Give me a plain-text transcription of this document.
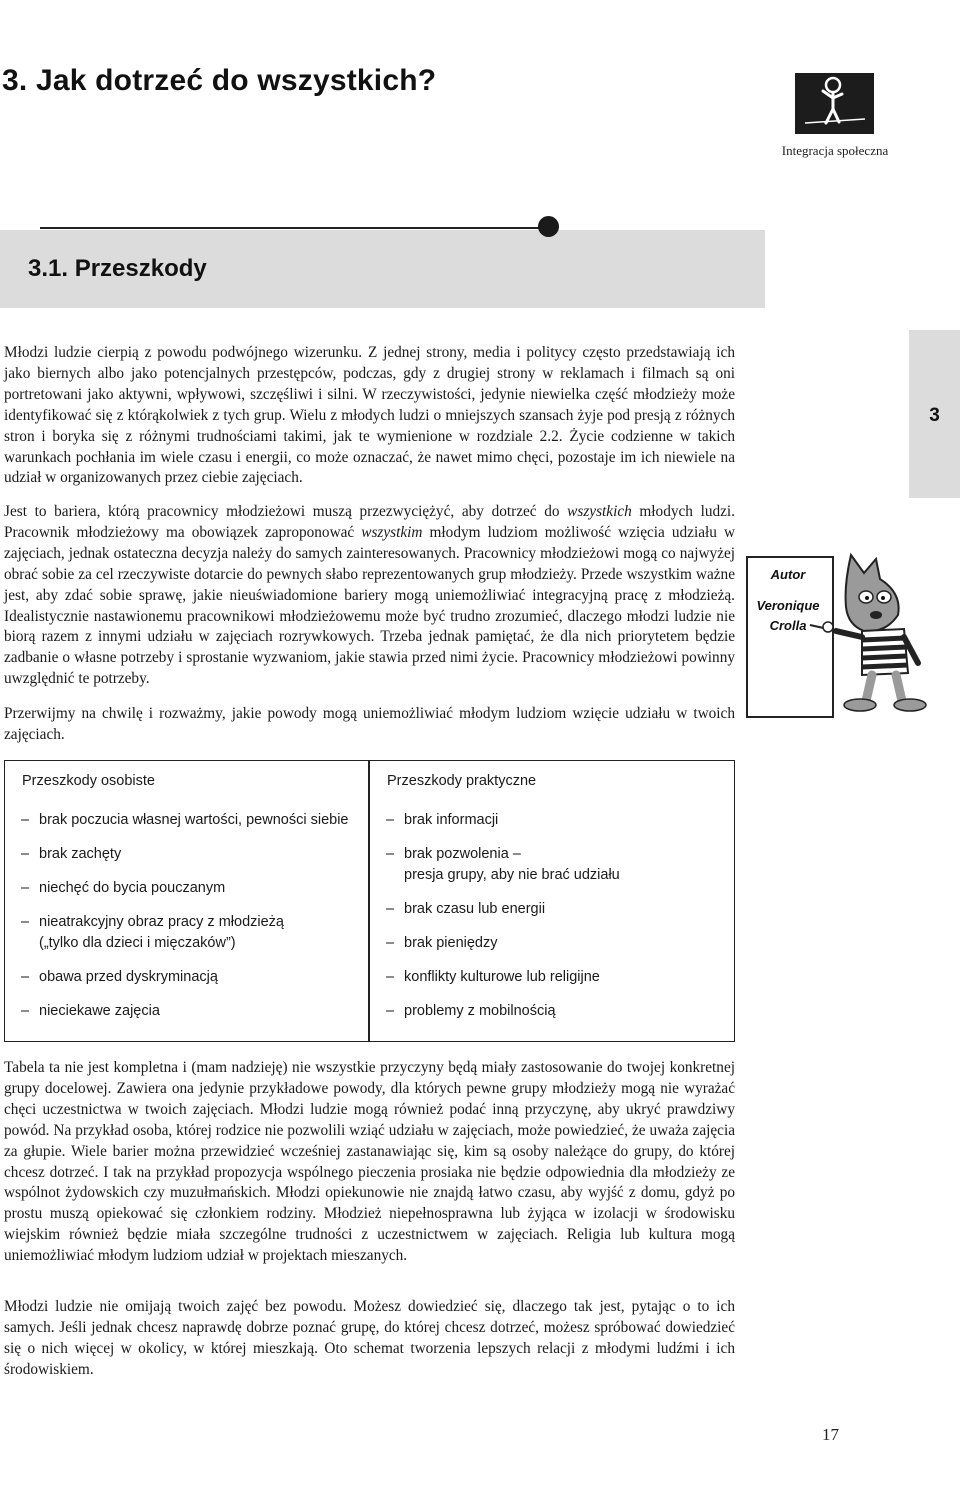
3. Jak dotrzeć do wszystkich?
Integracja społeczna
3.1. Przeszkody
3
Młodzi ludzie cierpią z powodu podwójnego wizerunku. Z jednej strony, media i politycy często przedstawiają ich jako biernych albo jako potencjalnych przestępców, podczas, gdy z drugiej strony w reklamach i filmach są oni portretowani jako aktywni, wpływowi, szczęśliwi i silni. W rzeczywistości, jedynie niewielka część młodzieży może identyfikować się z którąkolwiek z tych grup. Wielu z młodych ludzi o mniejszych szansach żyje pod presją z różnych stron i boryka się z różnymi trudnościami takimi, jak te wymienione w rozdziale 2.2. Życie codzienne w takich warunkach pochłania im wiele czasu i energii, co może oznaczać, że nawet mimo chęci, pozostaje im ich niewiele na udział w organizowanych przez ciebie zajęciach.
Jest to bariera, którą pracownicy młodzieżowi muszą przezwyciężyć, aby dotrzeć do wszystkich młodych ludzi. Pracownik młodzieżowy ma obowiązek zaproponować wszystkim młodym ludziom możliwość wzięcia udziału w zajęciach, jednak ostateczna decyzja należy do samych zainteresowanych. Pracownicy młodzieżowi mogą co najwyżej obrać sobie za cel rzeczywiste dotarcie do pewnych słabo reprezentowanych grup młodzieży. Przede wszystkim ważne jest, aby zdać sobie sprawę, jakie nieuświadomione bariery mogą uniemożliwiać integracyjną pracę z młodzieżą. Idealistycznie nastawionemu pracownikowi młodzieżowemu może być trudno zrozumieć, dlaczego młodzi ludzie nie biorą razem z innymi udziału w zajęciach rozrywkowych. Trzeba jednak pamiętać, że dla nich priorytetem będzie zadbanie o własne potrzeby i sprostanie wyzwaniom, jakie stawia przed nimi życie. Pracownicy młodzieżowi powinny uwzględnić te potrzeby.
Przerwijmy na chwilę i rozważmy, jakie powody mogą uniemożliwiać młodym ludziom wzięcie udziału w twoich zajęciach.
Autor
Veronique Crolla
Przeszkody osobiste
– brak poczucia własnej wartości, pewności siebie
– brak zachęty
– niechęć do bycia pouczanym
– nieatrakcyjny obraz pracy z młodzieżą
(„tylko dla dzieci i mięczaków”)
– obawa przed dyskryminacją
– nieciekawe zajęcia
Przeszkody praktyczne
– brak informacji
– brak pozwolenia –
presja grupy, aby nie brać udziału
– brak czasu lub energii
– brak pieniędzy
– konflikty kulturowe lub religijne
– problemy z mobilnością
Tabela ta nie jest kompletna i (mam nadzieję) nie wszystkie przyczyny będą miały zastosowanie do twojej konkretnej grupy docelowej. Zawiera ona jedynie przykładowe powody, dla których pewne grupy młodzieży mogą nie wyrażać chęci uczestnictwa w twoich zajęciach. Młodzi ludzie mogą również podać inną przyczynę, aby ukryć prawdziwy powód. Na przykład osoba, której rodzice nie pozwolili wziąć udziału w zajęciach, może powiedzieć, że uważa zajęcia za głupie. Wiele barier można przewidzieć wcześniej zastanawiając się, kim są osoby należące do grupy, do której chcesz dotrzeć. I tak na przykład propozycja wspólnego pieczenia prosiaka nie będzie odpowiednia dla młodzieży ze wspólnot żydowskich czy muzułmańskich. Młodzi opiekunowie nie znajdą łatwo czasu, aby wyjść z domu, gdyż po prostu muszą opiekować się członkiem rodziny. Młodzież niepełnosprawna lub żyjąca w izolacji w środowisku wiejskim również będzie miała szczególne trudności z uczestnictwem w zajęciach. Religia lub kultura mogą uniemożliwiać młodym ludziom udział w projektach mieszanych.
Młodzi ludzie nie omijają twoich zajęć bez powodu. Możesz dowiedzieć się, dlaczego tak jest, pytając o to ich samych. Jeśli jednak chcesz naprawdę dobrze poznać grupę, do której chcesz dotrzeć, możesz spróbować dowiedzieć się o nich więcej w okolicy, w której mieszkają. Oto schemat tworzenia lepszych relacji z młodymi ludźmi i ich środowiskiem.
17
